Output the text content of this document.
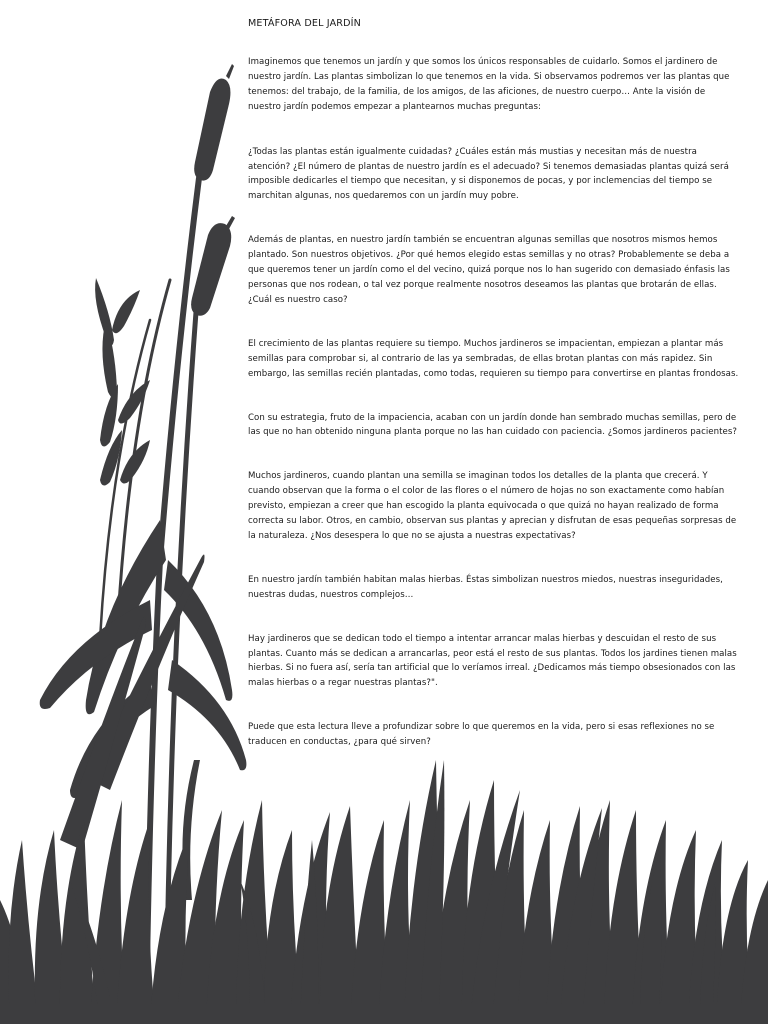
METÁFORA DEL JARDÍN

Imaginemos que tenemos un jardín y que somos los únicos responsables de cuidarlo. Somos el jardinero de nuestro jardín. Las plantas simbolizan lo que tenemos en la vida. Si observamos podremos ver las plantas que tenemos: del trabajo, de la familia, de los amigos, de las aficiones, de nuestro cuerpo… Ante la visión de nuestro jardín podemos empezar a plantearnos muchas preguntas:

¿Todas las plantas están igualmente cuidadas? ¿Cuáles están más mustias y necesitan más de nuestra atención? ¿El número de plantas de nuestro jardín es el adecuado? Si tenemos demasiadas plantas quizá será imposible dedicarles el tiempo que necesitan, y si disponemos de pocas, y por inclemencias del tiempo se marchitan algunas, nos quedaremos con un jardín muy pobre.

Además de plantas, en nuestro jardín también se encuentran algunas semillas que nosotros mismos hemos plantado. Son nuestros objetivos. ¿Por qué hemos elegido estas semillas y no otras? Probablemente se deba a que queremos tener un jardín como el del vecino, quizá porque nos lo han sugerido con demasiado énfasis las personas que nos rodean, o tal vez porque realmente nosotros deseamos las plantas que brotarán de ellas. ¿Cuál es nuestro caso?

El crecimiento de las plantas requiere su tiempo. Muchos jardineros se impacientan, empiezan a plantar más semillas para comprobar si, al contrario de las ya sembradas, de ellas brotan plantas con más rapidez. Sin embargo, las semillas recién plantadas, como todas, requieren su tiempo para convertirse en plantas frondosas.

Con su estrategia, fruto de la impaciencia, acaban con un jardín donde han sembrado muchas semillas, pero de las que no han obtenido ninguna planta porque no las han cuidado con paciencia. ¿Somos jardineros pacientes?

Muchos jardineros, cuando plantan una semilla se imaginan todos los detalles de la planta que crecerá. Y cuando observan que la forma o el color de las flores o el número de hojas no son exactamente como habían previsto, empiezan a creer que han escogido la planta equivocada o que quizá no hayan realizado de forma correcta su labor. Otros, en cambio, observan sus plantas y aprecian y disfrutan de esas pequeñas sorpresas de la naturaleza. ¿Nos desespera lo que no se ajusta a nuestras expectativas?

En nuestro jardín también habitan malas hierbas. Éstas simbolizan nuestros miedos, nuestras inseguridades, nuestras dudas, nuestros complejos…

Hay jardineros que se dedican todo el tiempo a intentar arrancar malas hierbas y descuidan el resto de sus plantas. Cuanto más se dedican a arrancarlas, peor está el resto de sus plantas. Todos los jardines tienen malas hierbas. Si no fuera así, sería tan artificial que lo veríamos irreal. ¿Dedicamos más tiempo obsesionados con las malas hierbas o a regar nuestras plantas?".

Puede que esta lectura lleve a profundizar sobre lo que queremos en la vida, pero si esas reflexiones no se traducen en conductas, ¿para qué sirven?
